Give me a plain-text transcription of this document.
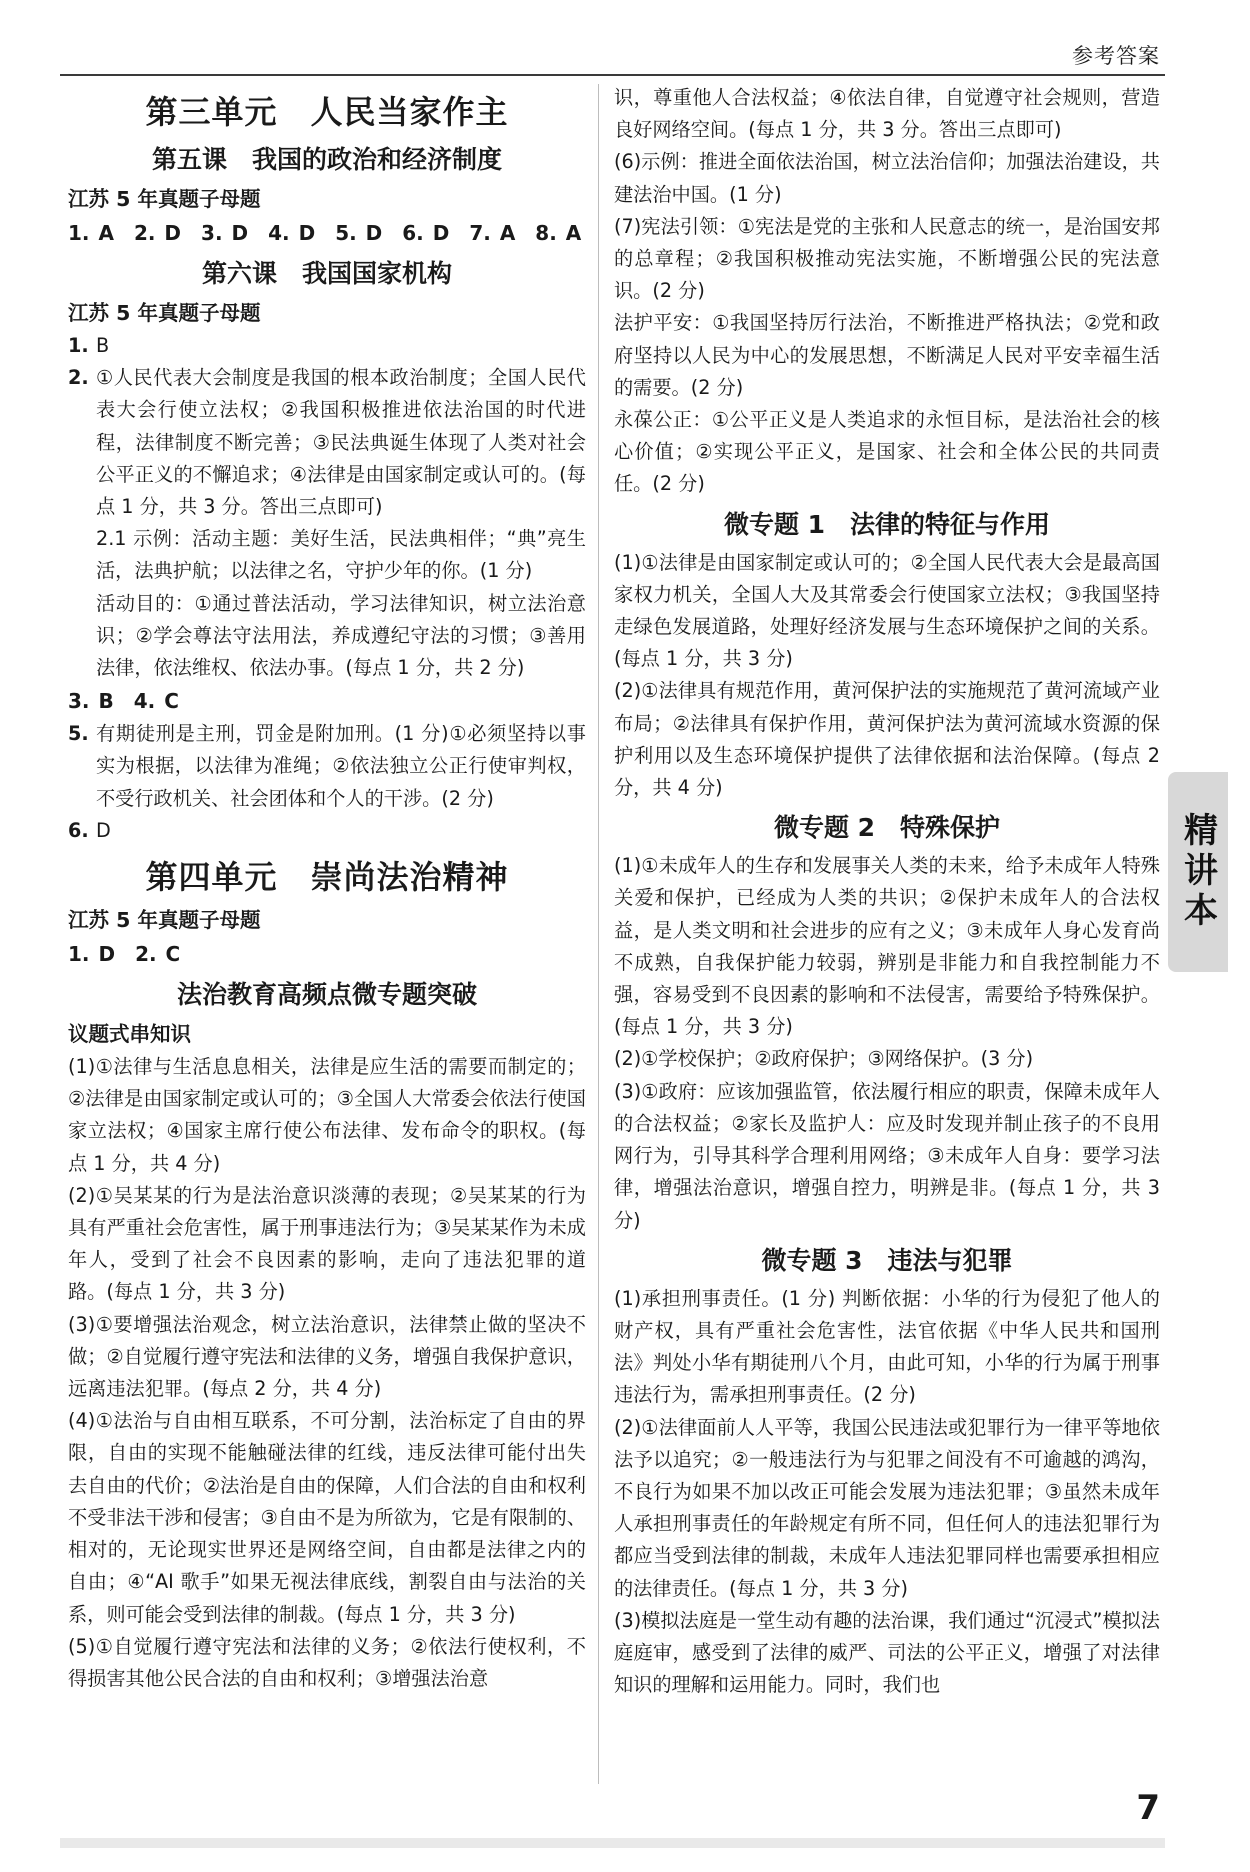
参考答案
第三单元　人民当家作主
第五课　我国的政治和经济制度
江苏 5 年真题子母题
1. A　2. D　3. D　4. D　5. D　6. D　7. A　8. A
第六课　我国国家机构
江苏 5 年真题子母题
1. B
2. ①人民代表大会制度是我国的根本政治制度；全国人民代表大会行使立法权；②我国积极推进依法治国的时代进程，法律制度不断完善；③民法典诞生体现了人类对社会公平正义的不懈追求；④法律是由国家制定或认可的。(每点 1 分，共 3 分。答出三点即可)

2.1 示例：活动主题：美好生活，民法典相伴；“典”亮生活，法典护航；以法律之名，守护少年的你。(1 分)

活动目的：①通过普法活动，学习法律知识，树立法治意识；②学会尊法守法用法，养成遵纪守法的习惯；③善用法律，依法维权、依法办事。(每点 1 分，共 2 分)

3. B　4. C
5. 有期徒刑是主刑，罚金是附加刑。(1 分)①必须坚持以事实为根据，以法律为准绳；②依法独立公正行使审判权，不受行政机关、社会团体和个人的干涉。(2 分)
6. D
第四单元　崇尚法治精神
江苏 5 年真题子母题
1. D　2. C
法治教育高频点微专题突破
议题式串知识

(1)①法律与生活息息相关，法律是应生活的需要而制定的；②法律是由国家制定或认可的；③全国人大常委会依法行使国家立法权；④国家主席行使公布法律、发布命令的职权。(每点 1 分，共 4 分)

(2)①吴某某的行为是法治意识淡薄的表现；②吴某某的行为具有严重社会危害性，属于刑事违法行为；③吴某某作为未成年人，受到了社会不良因素的影响，走向了违法犯罪的道路。(每点 1 分，共 3 分)

(3)①要增强法治观念，树立法治意识，法律禁止做的坚决不做；②自觉履行遵守宪法和法律的义务，增强自我保护意识，远离违法犯罪。(每点 2 分，共 4 分)

(4)①法治与自由相互联系，不可分割，法治标定了自由的界限，自由的实现不能触碰法律的红线，违反法律可能付出失去自由的代价；②法治是自由的保障，人们合法的自由和权利不受非法干涉和侵害；③自由不是为所欲为，它是有限制的、相对的，无论现实世界还是网络空间，自由都是法律之内的自由；④“AI 歌手”如果无视法律底线，割裂自由与法治的关系，则可能会受到法律的制裁。(每点 1 分，共 3 分)

(5)①自觉履行遵守宪法和法律的义务；②依法行使权利，不得损害其他公民合法的自由和权利；③增强法治意

识，尊重他人合法权益；④依法自律，自觉遵守社会规则，营造良好网络空间。(每点 1 分，共 3 分。答出三点即可)

(6)示例：推进全面依法治国，树立法治信仰；加强法治建设，共建法治中国。(1 分)

(7)宪法引领：①宪法是党的主张和人民意志的统一，是治国安邦的总章程；②我国积极推动宪法实施，不断增强公民的宪法意识。(2 分)

法护平安：①我国坚持厉行法治，不断推进严格执法；②党和政府坚持以人民为中心的发展思想，不断满足人民对平安幸福生活的需要。(2 分)

永葆公正：①公平正义是人类追求的永恒目标，是法治社会的核心价值；②实现公平正义，是国家、社会和全体公民的共同责任。(2 分)

微专题 1　法律的特征与作用

(1)①法律是由国家制定或认可的；②全国人民代表大会是最高国家权力机关，全国人大及其常委会行使国家立法权；③我国坚持走绿色发展道路，处理好经济发展与生态环境保护之间的关系。(每点 1 分，共 3 分)

(2)①法律具有规范作用，黄河保护法的实施规范了黄河流域产业布局；②法律具有保护作用，黄河保护法为黄河流域水资源的保护利用以及生态环境保护提供了法律依据和法治保障。(每点 2 分，共 4 分)

微专题 2　特殊保护

(1)①未成年人的生存和发展事关人类的未来，给予未成年人特殊关爱和保护，已经成为人类的共识；②保护未成年人的合法权益，是人类文明和社会进步的应有之义；③未成年人身心发育尚不成熟，自我保护能力较弱，辨别是非能力和自我控制能力不强，容易受到不良因素的影响和不法侵害，需要给予特殊保护。(每点 1 分，共 3 分)

(2)①学校保护；②政府保护；③网络保护。(3 分)

(3)①政府：应该加强监管，依法履行相应的职责，保障未成年人的合法权益；②家长及监护人：应及时发现并制止孩子的不良用网行为，引导其科学合理利用网络；③未成年人自身：要学习法律，增强法治意识，增强自控力，明辨是非。(每点 1 分，共 3 分)

微专题 3　违法与犯罪

(1)承担刑事责任。(1 分) 判断依据：小华的行为侵犯了他人的财产权，具有严重社会危害性，法官依据《中华人民共和国刑法》判处小华有期徒刑八个月，由此可知，小华的行为属于刑事违法行为，需承担刑事责任。(2 分)

(2)①法律面前人人平等，我国公民违法或犯罪行为一律平等地依法予以追究；②一般违法行为与犯罪之间没有不可逾越的鸿沟，不良行为如果不加以改正可能会发展为违法犯罪；③虽然未成年人承担刑事责任的年龄规定有所不同，但任何人的违法犯罪行为都应当受到法律的制裁，未成年人违法犯罪同样也需要承担相应的法律责任。(每点 1 分，共 3 分)

(3)模拟法庭是一堂生动有趣的法治课，我们通过“沉浸式”模拟法庭庭审，感受到了法律的威严、司法的公平正义，增强了对法律知识的理解和运用能力。同时，我们也

精讲本
7
